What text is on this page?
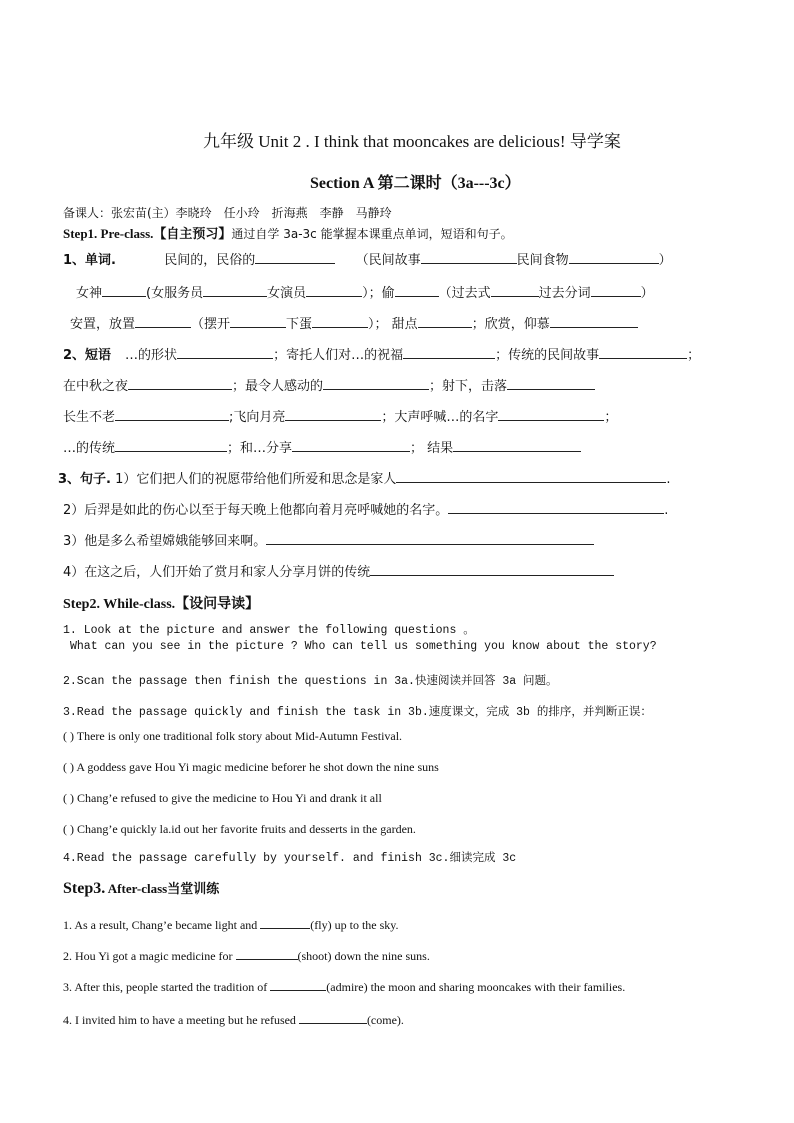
九年级 Unit 2 . I think that mooncakes are delicious! 导学案
Section A 第二课时（3a---3c）
备课人：张宏苗(主）李晓玲　任小玲　折海燕　李静　马静玲
Step1. Pre-class.【自主预习】通过自学 3a-3c 能掌握本课重点单词，短语和句子。
1、单词.	民间的，民俗的	（民间故事	民间食物	）
女神	(女服务员	女演员	）；偷	（过去式	过去分词	）
安置，放置	（摆开	下蛋	）； 甜点	；欣赏，仰慕
2、短语 …的形状	；寄托人们对…的祝福	；传统的民间故事	；
在中秋之夜	；最令人感动的	；射下，击落
长生不老	;飞向月亮	；大声呼喊…的名字	；
…的传统	；和…分享	； 结果
3、句子. 1）它们把人们的祝愿带给他们所爱和思念是家人	.
2）后羿是如此的伤心以至于每天晚上他都向着月亮呼喊她的名字。	.
3）他是多么希望嫦娥能够回来啊。
4）在这之后，人们开始了赏月和家人分享月饼的传统
Step2. While-class.【设问导读】
1. Look at the picture and answer the following questions 。
What can you see in the picture ? Who can tell us something you know about the story?
2.Scan the passage then finish the questions in 3a.快速阅读并回答 3a 问题。
3.Read the passage quickly and finish the task in 3b.速度课文，完成 3b 的排序，并判断正误：
( ) There is only one traditional folk story about Mid-Autumn Festival.
( ) A goddess gave Hou Yi magic medicine beforer he shot down the nine suns
( ) Chang’e refused to give the medicine to Hou Yi and drank it all
( ) Chang’e quickly la.id out her favorite fruits and desserts in the garden.
4.Read the passage carefully by yourself. and finish 3c.细读完成 3c
Step3. After-class当堂训练
1. As a result, Chang’e became light and	(fly) up to the sky.
2. Hou Yi got a magic medicine for	(shoot) down the nine suns.
3. After this, people started the tradition of	(admire) the moon and sharing mooncakes with their families.
4. I invited him to have a meeting but he refused	(come).
